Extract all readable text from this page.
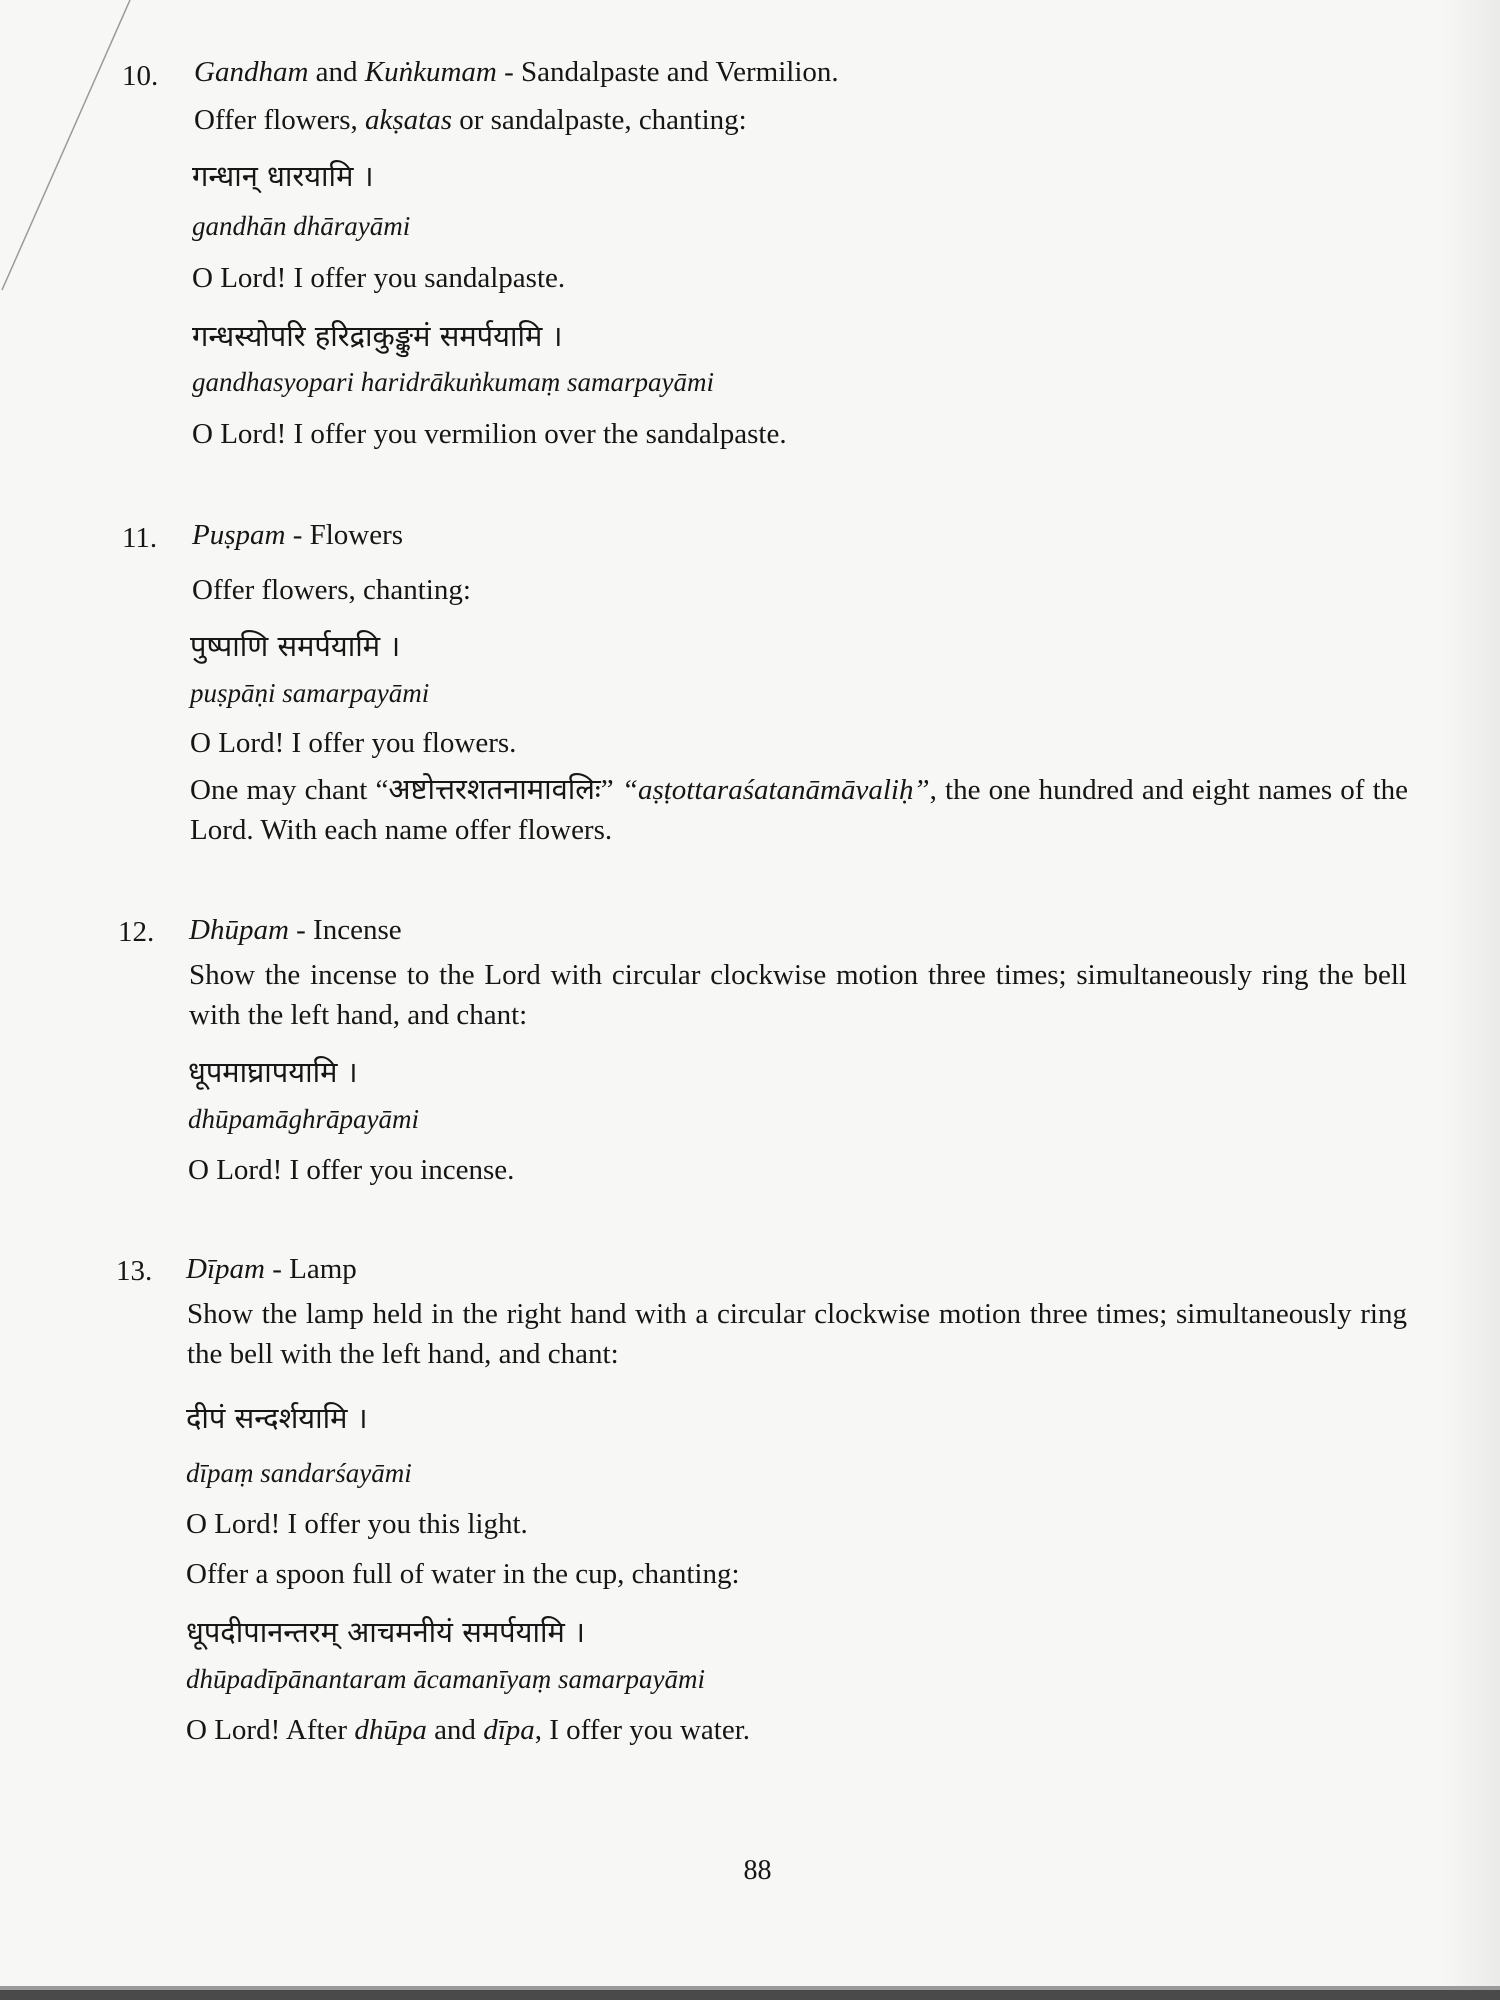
10. Gandham and Kuṅkumam - Sandalpaste and Vermilion.
Offer flowers, akṣatas or sandalpaste, chanting:
गन्धान् धारयामि ।
gandhān dhārayāmi
O Lord! I offer you sandalpaste.
गन्धस्योपरि हरिद्राकुङ्कुमं समर्पयामि ।
gandhasyopari haridrākuṅkumaṃ samarpayāmi
O Lord! I offer you vermilion over the sandalpaste.
11. Puṣpam - Flowers
Offer flowers, chanting:
पुष्पाणि समर्पयामि ।
puṣpāṇi samarpayāmi
O Lord! I offer you flowers.
One may chant “अष्टोत्तरशतनामावलिः” “aṣṭottaraśatanāmāvaliḥ”, the one hundred and eight names of the Lord. With each name offer flowers.
12. Dhūpam - Incense
Show the incense to the Lord with circular clockwise motion three times; simultaneously ring the bell with the left hand, and chant:
धूपमाघ्रापयामि ।
dhūpamāghrāpayāmi
O Lord! I offer you incense.
13. Dīpam - Lamp
Show the lamp held in the right hand with a circular clockwise motion three times; simultaneously ring the bell with the left hand, and chant:
दीपं सन्दर्शयामि ।
dīpaṃ sandarśayāmi
O Lord! I offer you this light.
Offer a spoon full of water in the cup, chanting:
धूपदीपानन्तरम् आचमनीयं समर्पयामि ।
dhūpadīpānantaram ācamanīyaṃ samarpayāmi
O Lord! After dhūpa and dīpa, I offer you water.
88
